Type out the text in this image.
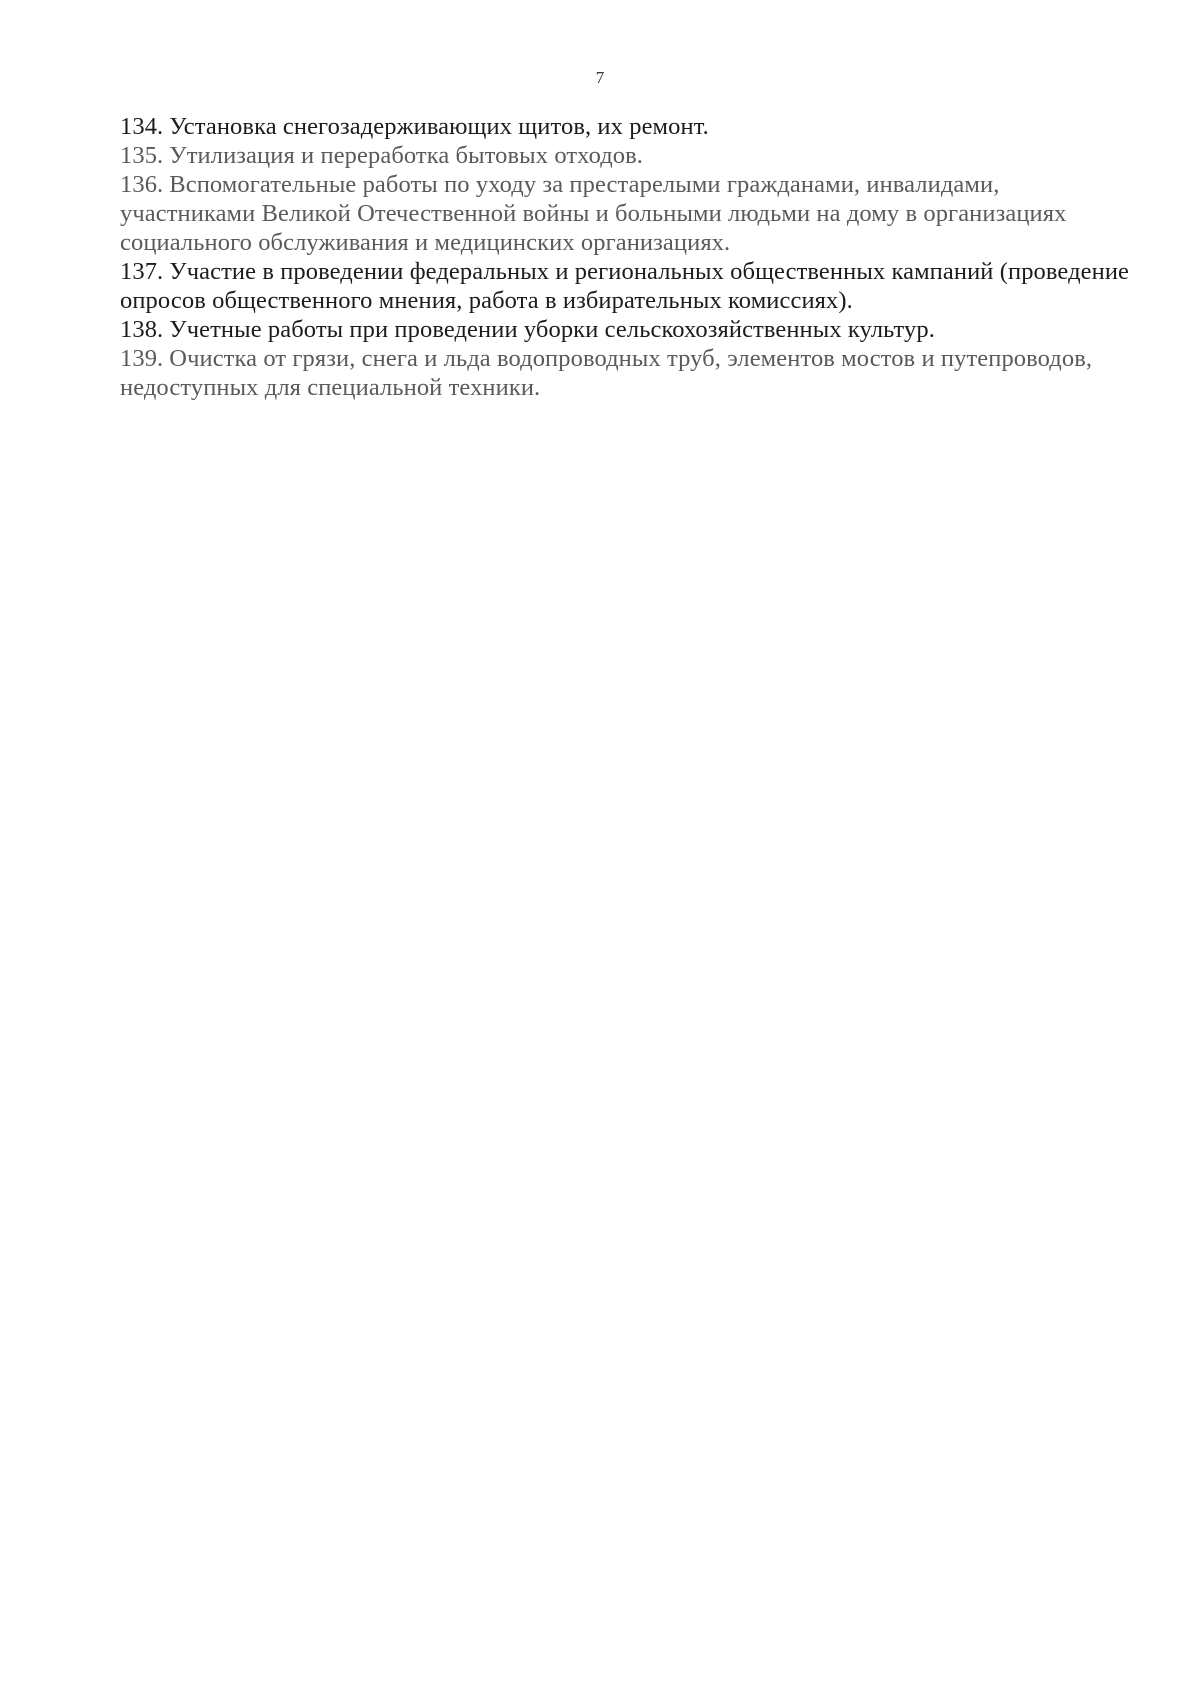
7
134. Установка снегозадерживающих щитов, их ремонт.
135. Утилизация и переработка бытовых отходов.
136. Вспомогательные работы по уходу за престарелыми гражданами, инвалидами, участниками Великой Отечественной войны и больными людьми на дому в организациях социального обслуживания и медицинских организациях.
137. Участие в проведении федеральных и региональных общественных кампаний (проведение опросов общественного мнения, работа в избирательных комиссиях).
138. Учетные работы при проведении уборки сельскохозяйственных культур.
139. Очистка от грязи, снега и льда водопроводных труб, элементов мостов и путепроводов, недоступных для специальной техники.
